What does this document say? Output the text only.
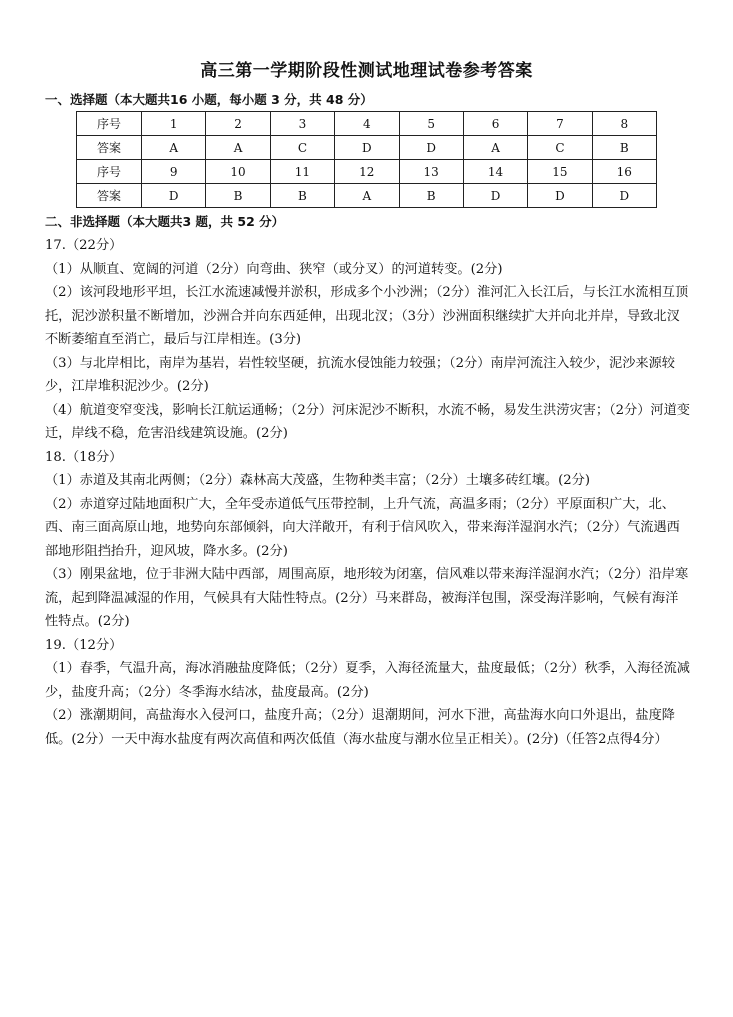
高三第一学期阶段性测试地理试卷参考答案
一、选择题（本大题共16 小题，每小题 3 分，共 48 分）
序号	1	2	3	4	5	6	7	8
答案	A	A	C	D	D	A	C	B
序号	9	10	11	12	13	14	15	16
答案	D	B	B	A	B	D	D	D
二、非选择题（本大题共3 题，共 52 分）

17.（22分）

（1）从顺直、宽阔的河道（2分）向弯曲、狭窄（或分叉）的河道转变。(2分)

（2）该河段地形平坦，长江水流速减慢并淤积，形成多个小沙洲；（2分）淮河汇入长江后，与长江水流相互顶托，泥沙淤积量不断增加，沙洲合并向东西延伸，出现北汊；（3分）沙洲面积继续扩大并向北并岸，导致北汊不断萎缩直至消亡，最后与江岸相连。(3分)

（3）与北岸相比，南岸为基岩，岩性较坚硬，抗流水侵蚀能力较强；（2分）南岸河流注入较少，泥沙来源较少，江岸堆积泥沙少。(2分)

（4）航道变窄变浅，影响长江航运通畅；（2分）河床泥沙不断积，水流不畅，易发生洪涝灾害；（2分）河道变迁，岸线不稳，危害沿线建筑设施。(2分)

18.（18分）

（1）赤道及其南北两侧；（2分）森林高大茂盛，生物种类丰富；（2分）土壤多砖红壤。(2分)

（2）赤道穿过陆地面积广大，全年受赤道低气压带控制，上升气流，高温多雨；（2分）平原面积广大，北、西、南三面高原山地，地势向东部倾斜，向大洋敞开，有利于信风吹入，带来海洋湿润水汽；（2分）气流遇西部地形阻挡抬升，迎风坡，降水多。(2分)

（3）刚果盆地，位于非洲大陆中西部，周围高原，地形较为闭塞，信风难以带来海洋湿润水汽；（2分）沿岸寒流，起到降温减湿的作用，气候具有大陆性特点。(2分）马来群岛，被海洋包围，深受海洋影响，气候有海洋性特点。(2分)

19.（12分）

（1）春季，气温升高，海冰消融盐度降低；（2分）夏季，入海径流量大，盐度最低；（2分）秋季，入海径流减少，盐度升高；（2分）冬季海水结冰，盐度最高。(2分)

（2）涨潮期间，高盐海水入侵河口，盐度升高；（2分）退潮期间，河水下泄，高盐海水向口外退出，盐度降低。(2分）一天中海水盐度有两次高值和两次低值（海水盐度与潮水位呈正相关）。(2分)（任答2点得4分）
